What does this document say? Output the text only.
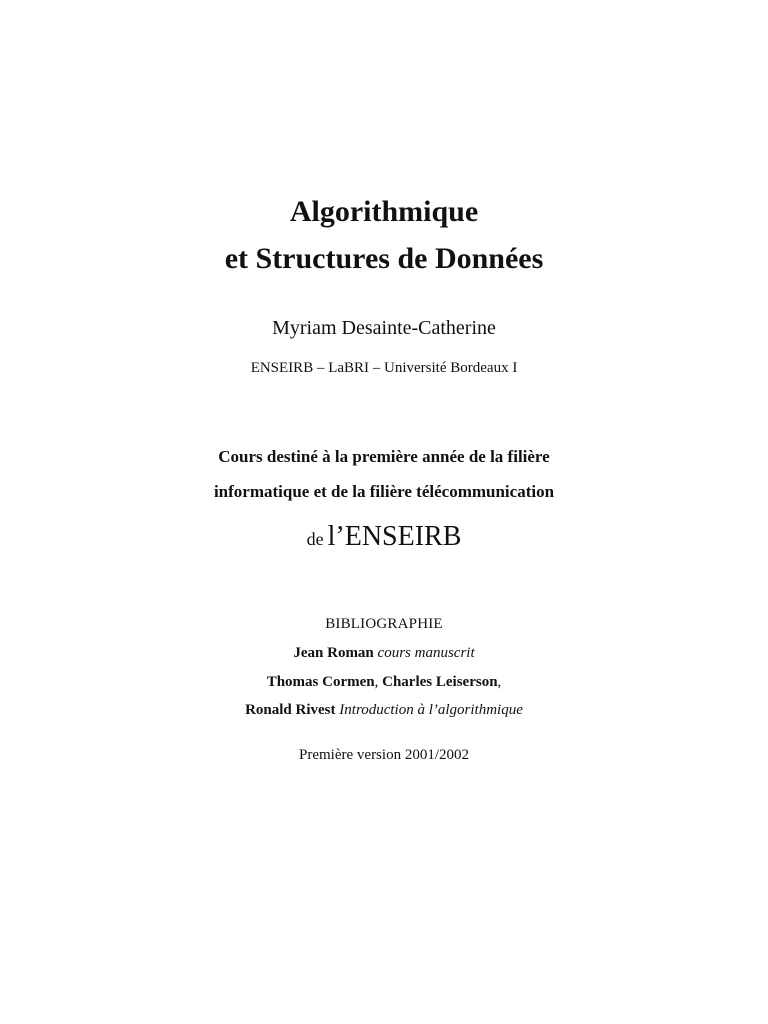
Algorithmique
et Structures de Données
Myriam Desainte-Catherine
ENSEIRB – LaBRI – Université Bordeaux I
Cours destiné à la première année de la filière
informatique et de la filière télécommunication
de l’ENSEIRB
BIBLIOGRAPHIE
Jean Roman cours manuscrit
Thomas Cormen, Charles Leiserson,
Ronald Rivest Introduction à l’algorithmique
Première version 2001/2002
